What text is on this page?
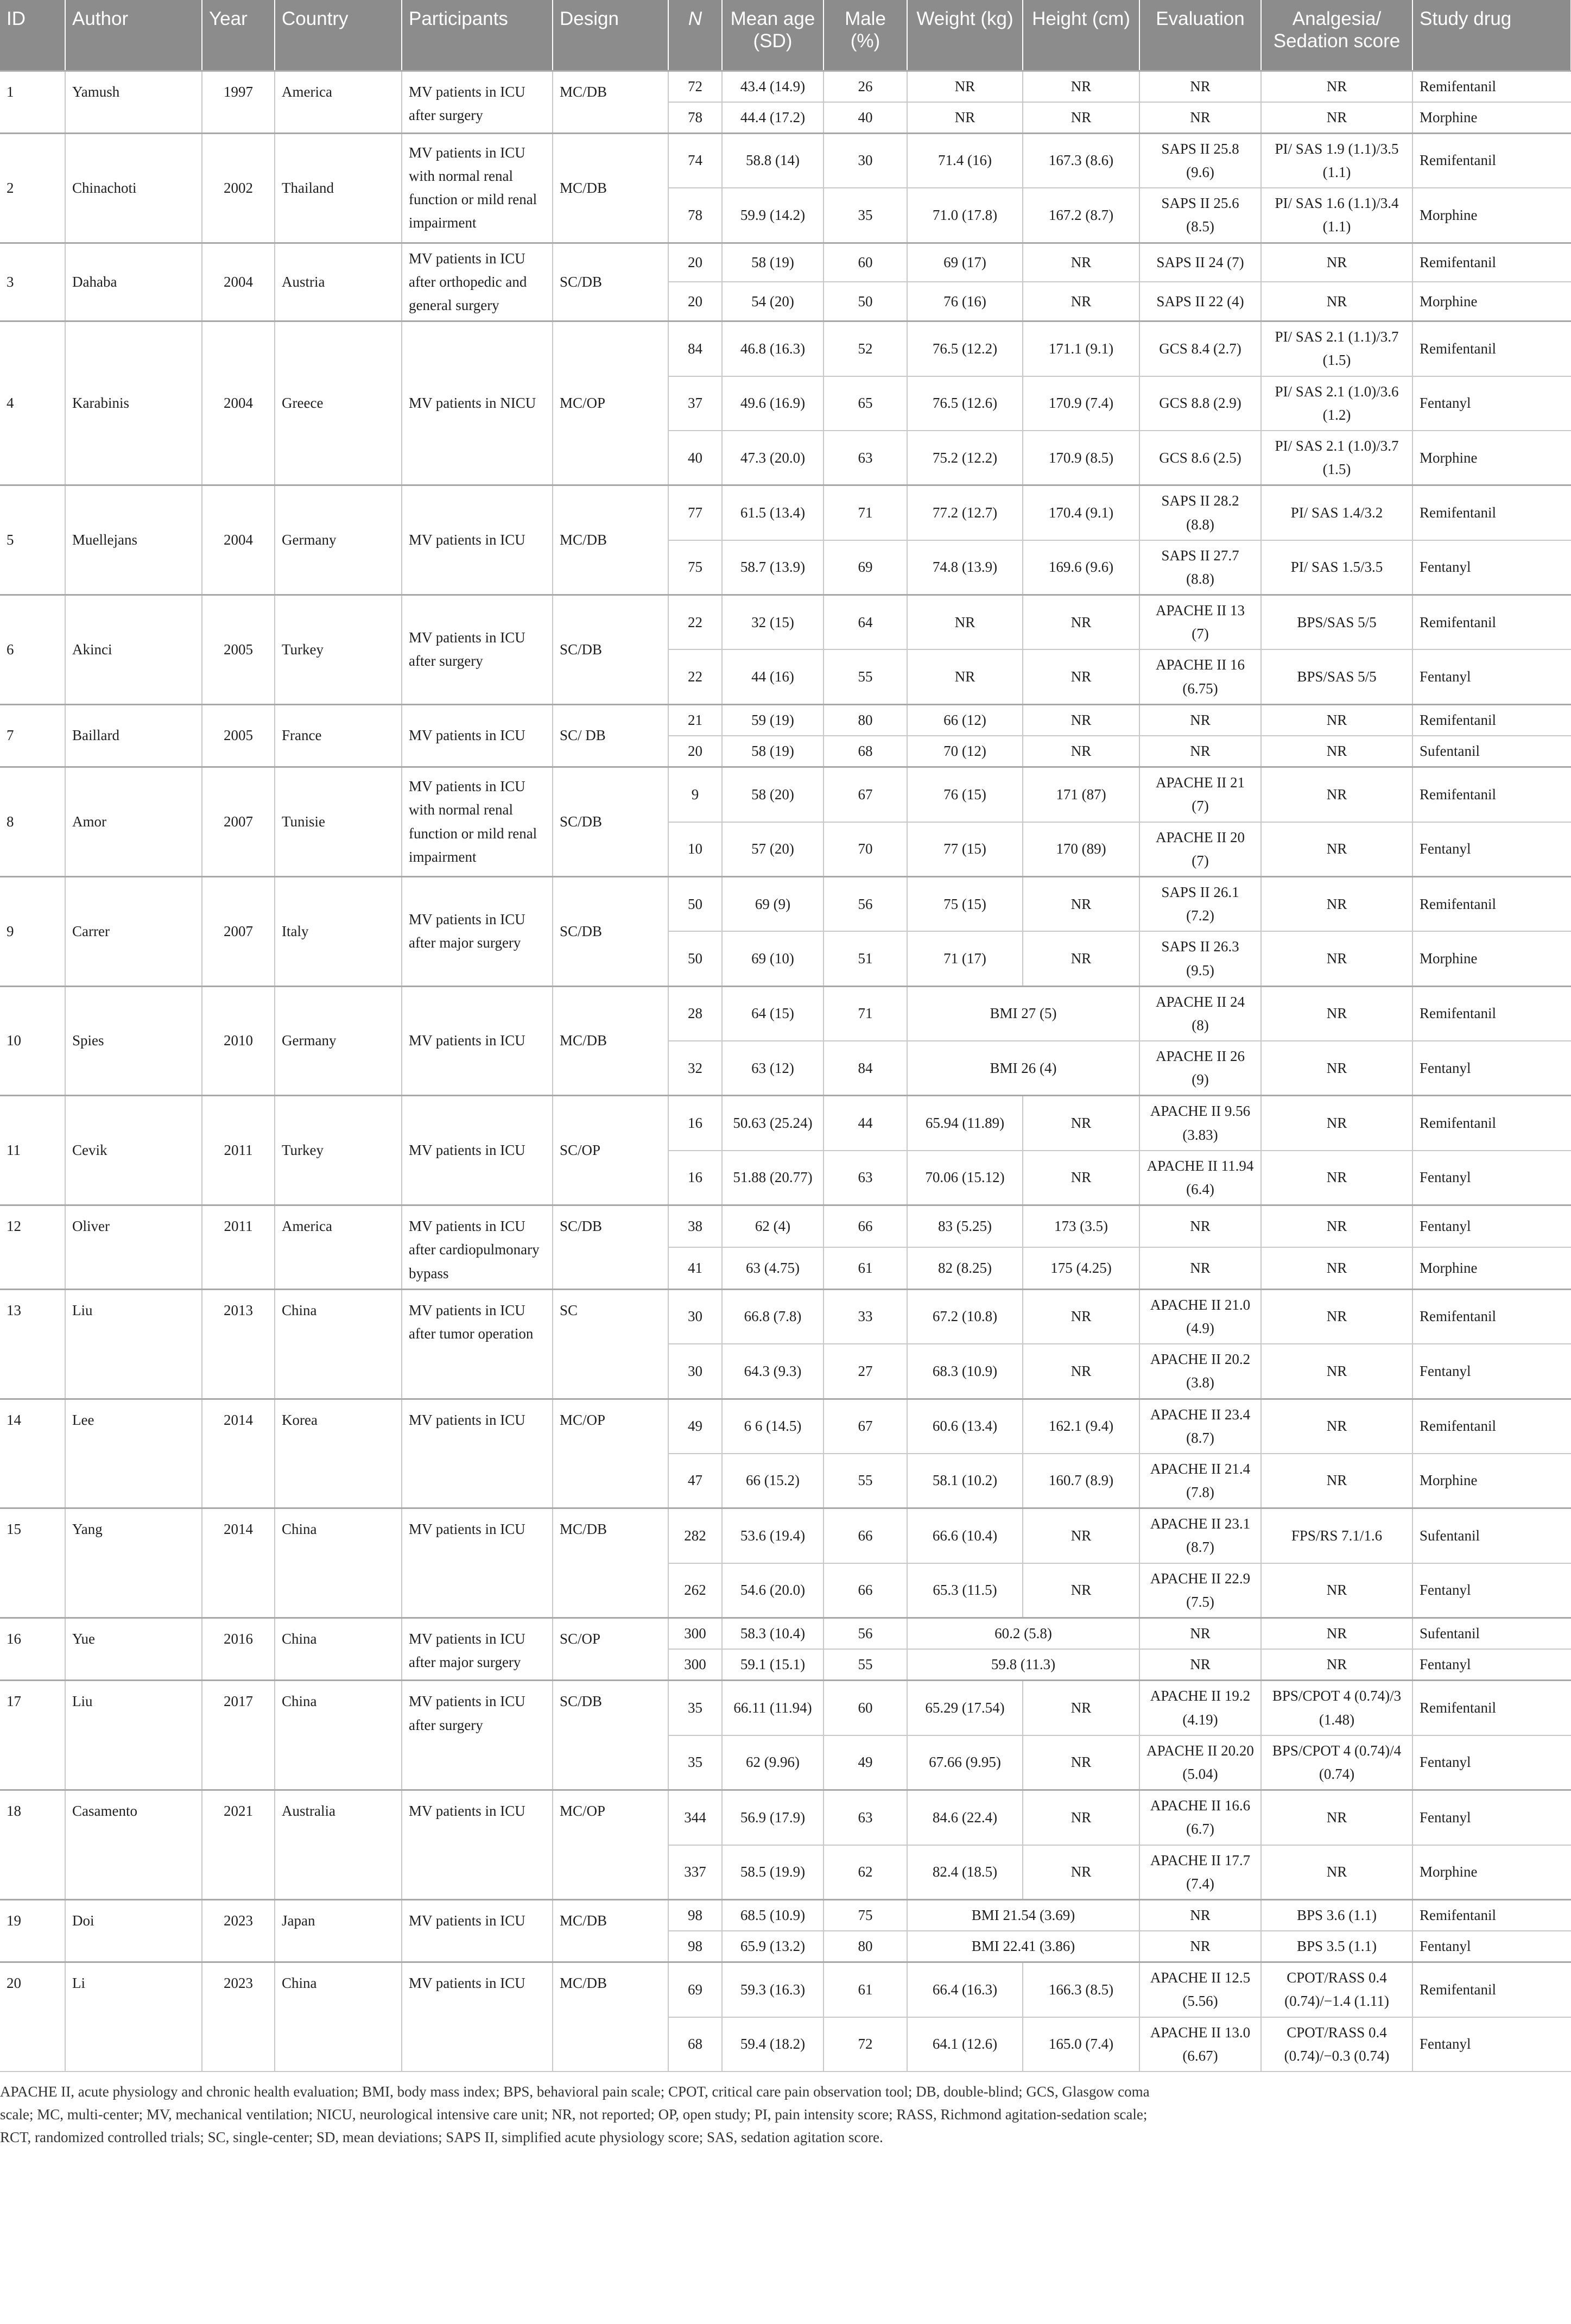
ID	Author	Year	Country	Participants	Design	N	Mean age (SD)	Male (%)	Weight (kg)	Height (cm)	Evaluation	Analgesia/ Sedation score	Study drug
1	Yamush	1997	America	MV patients in ICU after surgery	MC/DB	72	43.4 (14.9)	26	NR	NR	NR	NR	Remifentanil
						78	44.4 (17.2)	40	NR	NR	NR	NR	Morphine
2	Chinachoti	2002	Thailand	MV patients in ICU with normal renal function or mild renal impairment	MC/DB	74	58.8 (14)	30	71.4 (16)	167.3 (8.6)	SAPS II 25.8 (9.6)	PI/ SAS 1.9 (1.1)/3.5 (1.1)	Remifentanil
						78	59.9 (14.2)	35	71.0 (17.8)	167.2 (8.7)	SAPS II 25.6 (8.5)	PI/ SAS 1.6 (1.1)/3.4 (1.1)	Morphine
3	Dahaba	2004	Austria	MV patients in ICU after orthopedic and general surgery	SC/DB	20	58 (19)	60	69 (17)	NR	SAPS II 24 (7)	NR	Remifentanil
						20	54 (20)	50	76 (16)	NR	SAPS II 22 (4)	NR	Morphine
4	Karabinis	2004	Greece	MV patients in NICU	MC/OP	84	46.8 (16.3)	52	76.5 (12.2)	171.1 (9.1)	GCS 8.4 (2.7)	PI/ SAS 2.1 (1.1)/3.7 (1.5)	Remifentanil
						37	49.6 (16.9)	65	76.5 (12.6)	170.9 (7.4)	GCS 8.8 (2.9)	PI/ SAS 2.1 (1.0)/3.6 (1.2)	Fentanyl
						40	47.3 (20.0)	63	75.2 (12.2)	170.9 (8.5)	GCS 8.6 (2.5)	PI/ SAS 2.1 (1.0)/3.7 (1.5)	Morphine
5	Muellejans	2004	Germany	MV patients in ICU	MC/DB	77	61.5 (13.4)	71	77.2 (12.7)	170.4 (9.1)	SAPS II 28.2 (8.8)	PI/ SAS 1.4/3.2	Remifentanil
						75	58.7 (13.9)	69	74.8 (13.9)	169.6 (9.6)	SAPS II 27.7 (8.8)	PI/ SAS 1.5/3.5	Fentanyl
6	Akinci	2005	Turkey	MV patients in ICU after surgery	SC/DB	22	32 (15)	64	NR	NR	APACHE II 13 (7)	BPS/SAS 5/5	Remifentanil
						22	44 (16)	55	NR	NR	APACHE II 16 (6.75)	BPS/SAS 5/5	Fentanyl
7	Baillard	2005	France	MV patients in ICU	SC/ DB	21	59 (19)	80	66 (12)	NR	NR	NR	Remifentanil
						20	58 (19)	68	70 (12)	NR	NR	NR	Sufentanil
8	Amor	2007	Tunisie	MV patients in ICU with normal renal function or mild renal impairment	SC/DB	9	58 (20)	67	76 (15)	171 (87)	APACHE II 21 (7)	NR	Remifentanil
						10	57 (20)	70	77 (15)	170 (89)	APACHE II 20 (7)	NR	Fentanyl
9	Carrer	2007	Italy	MV patients in ICU after major surgery	SC/DB	50	69 (9)	56	75 (15)	NR	SAPS II 26.1 (7.2)	NR	Remifentanil
						50	69 (10)	51	71 (17)	NR	SAPS II 26.3 (9.5)	NR	Morphine
10	Spies	2010	Germany	MV patients in ICU	MC/DB	28	64 (15)	71	BMI 27 (5)		APACHE II 24 (8)	NR	Remifentanil
						32	63 (12)	84	BMI 26 (4)		APACHE II 26 (9)	NR	Fentanyl
11	Cevik	2011	Turkey	MV patients in ICU	SC/OP	16	50.63 (25.24)	44	65.94 (11.89)	NR	APACHE II 9.56 (3.83)	NR	Remifentanil
						16	51.88 (20.77)	63	70.06 (15.12)	NR	APACHE II 11.94 (6.4)	NR	Fentanyl
12	Oliver	2011	America	MV patients in ICU after cardiopulmonary bypass	SC/DB	38	62 (4)	66	83 (5.25)	173 (3.5)	NR	NR	Fentanyl
						41	63 (4.75)	61	82 (8.25)	175 (4.25)	NR	NR	Morphine
13	Liu	2013	China	MV patients in ICU after tumor operation	SC	30	66.8 (7.8)	33	67.2 (10.8)	NR	APACHE II 21.0 (4.9)	NR	Remifentanil
						30	64.3 (9.3)	27	68.3 (10.9)	NR	APACHE II 20.2 (3.8)	NR	Fentanyl
14	Lee	2014	Korea	MV patients in ICU	MC/OP	49	6 6 (14.5)	67	60.6 (13.4)	162.1 (9.4)	APACHE II 23.4 (8.7)	NR	Remifentanil
						47	66 (15.2)	55	58.1 (10.2)	160.7 (8.9)	APACHE II 21.4 (7.8)	NR	Morphine
15	Yang	2014	China	MV patients in ICU	MC/DB	282	53.6 (19.4)	66	66.6 (10.4)	NR	APACHE II 23.1 (8.7)	FPS/RS 7.1/1.6	Sufentanil
						262	54.6 (20.0)	66	65.3 (11.5)	NR	APACHE II 22.9 (7.5)	NR	Fentanyl
16	Yue	2016	China	MV patients in ICU after major surgery	SC/OP	300	58.3 (10.4)	56	60.2 (5.8)		NR	NR	Sufentanil
						300	59.1 (15.1)	55	59.8 (11.3)		NR	NR	Fentanyl
17	Liu	2017	China	MV patients in ICU after surgery	SC/DB	35	66.11 (11.94)	60	65.29 (17.54)	NR	APACHE II 19.2 (4.19)	BPS/CPOT 4 (0.74)/3 (1.48)	Remifentanil
						35	62 (9.96)	49	67.66 (9.95)	NR	APACHE II 20.20 (5.04)	BPS/CPOT 4 (0.74)/4 (0.74)	Fentanyl
18	Casamento	2021	Australia	MV patients in ICU	MC/OP	344	56.9 (17.9)	63	84.6 (22.4)	NR	APACHE II 16.6 (6.7)	NR	Fentanyl
						337	58.5 (19.9)	62	82.4 (18.5)	NR	APACHE II 17.7 (7.4)	NR	Morphine
19	Doi	2023	Japan	MV patients in ICU	MC/DB	98	68.5 (10.9)	75	BMI 21.54 (3.69)		NR	BPS 3.6 (1.1)	Remifentanil
						98	65.9 (13.2)	80	BMI 22.41 (3.86)		NR	BPS 3.5 (1.1)	Fentanyl
20	Li	2023	China	MV patients in ICU	MC/DB	69	59.3 (16.3)	61	66.4 (16.3)	166.3 (8.5)	APACHE II 12.5 (5.56)	CPOT/RASS 0.4 (0.74)/−1.4 (1.11)	Remifentanil
						68	59.4 (18.2)	72	64.1 (12.6)	165.0 (7.4)	APACHE II 13.0 (6.67)	CPOT/RASS 0.4 (0.74)/−0.3 (0.74)	Fentanyl
APACHE II, acute physiology and chronic health evaluation; BMI, body mass index; BPS, behavioral pain scale; CPOT, critical care pain observation tool; DB, double-blind; GCS, Glasgow coma scale; MC, multi-center; MV, mechanical ventilation; NICU, neurological intensive care unit; NR, not reported; OP, open study; PI, pain intensity score; RASS, Richmond agitation-sedation scale; RCT, randomized controlled trials; SC, single-center; SD, mean deviations; SAPS II, simplified acute physiology score; SAS, sedation agitation score.
